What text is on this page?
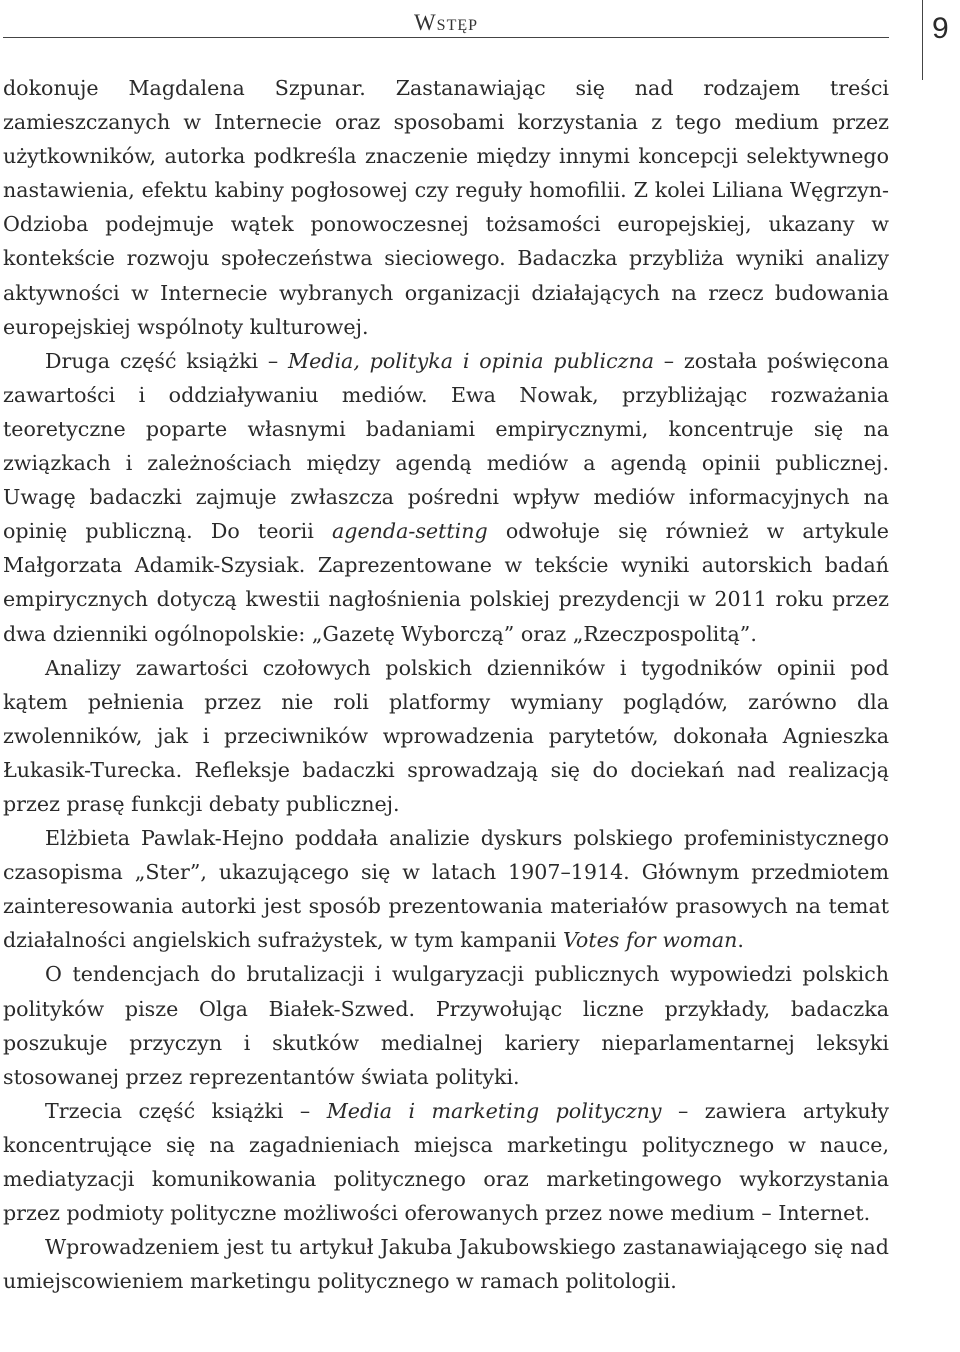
Wstęp	9

dokonuje Magdalena Szpunar. Zastanawiając się nad rodzajem treści zamieszczanych w Internecie oraz sposobami korzystania z tego medium przez użytkowników, autorka podkreśla znaczenie między innymi koncepcji selektywnego nastawienia, efektu kabiny pogłosowej czy reguły homofilii. Z kolei Liliana Węgrzyn-Odzioba podejmuje wątek ponowoczesnej tożsamości europejskiej, ukazany w kontekście rozwoju społeczeństwa sieciowego. Badaczka przybliża wyniki analizy aktywności w Internecie wybranych organizacji działających na rzecz budowania europejskiej wspólnoty kulturowej.

Druga część książki – Media, polityka i opinia publiczna – została poświęcona zawartości i oddziaływaniu mediów. Ewa Nowak, przybliżając rozważania teoretyczne poparte własnymi badaniami empirycznymi, koncentruje się na związkach i zależnościach między agendą mediów a agendą opinii publicznej. Uwagę badaczki zajmuje zwłaszcza pośredni wpływ mediów informacyjnych na opinię publiczną. Do teorii agenda-setting odwołuje się również w artykule Małgorzata Adamik-Szysiak. Zaprezentowane w tekście wyniki autorskich badań empirycznych dotyczą kwestii nagłośnienia polskiej prezydencji w 2011 roku przez dwa dzienniki ogólnopolskie: „Gazetę Wyborczą” oraz „Rzeczpospolitą”.

Analizy zawartości czołowych polskich dzienników i tygodników opinii pod kątem pełnienia przez nie roli platformy wymiany poglądów, zarówno dla zwolenników, jak i przeciwników wprowadzenia parytetów, dokonała Agnieszka Łukasik-Turecka. Refleksje badaczki sprowadzają się do dociekań nad realizacją przez prasę funkcji debaty publicznej.

Elżbieta Pawlak-Hejno poddała analizie dyskurs polskiego profeministycznego czasopisma „Ster”, ukazującego się w latach 1907–1914. Głównym przedmiotem zainteresowania autorki jest sposób prezentowania materiałów prasowych na temat działalności angielskich sufrażystek, w tym kampanii Votes for woman.

O tendencjach do brutalizacji i wulgaryzacji publicznych wypowiedzi polskich polityków pisze Olga Białek-Szwed. Przywołując liczne przykłady, badaczka poszukuje przyczyn i skutków medialnej kariery nieparlamentarnej leksyki stosowanej przez reprezentantów świata polityki.

Trzecia część książki – Media i marketing polityczny – zawiera artykuły koncentrujące się na zagadnieniach miejsca marketingu politycznego w nauce, mediatyzacji komunikowania politycznego oraz marketingowego wykorzystania przez podmioty polityczne możliwości oferowanych przez nowe medium – Internet.

Wprowadzeniem jest tu artykuł Jakuba Jakubowskiego zastanawiającego się nad umiejscowieniem marketingu politycznego w ramach politologii.
